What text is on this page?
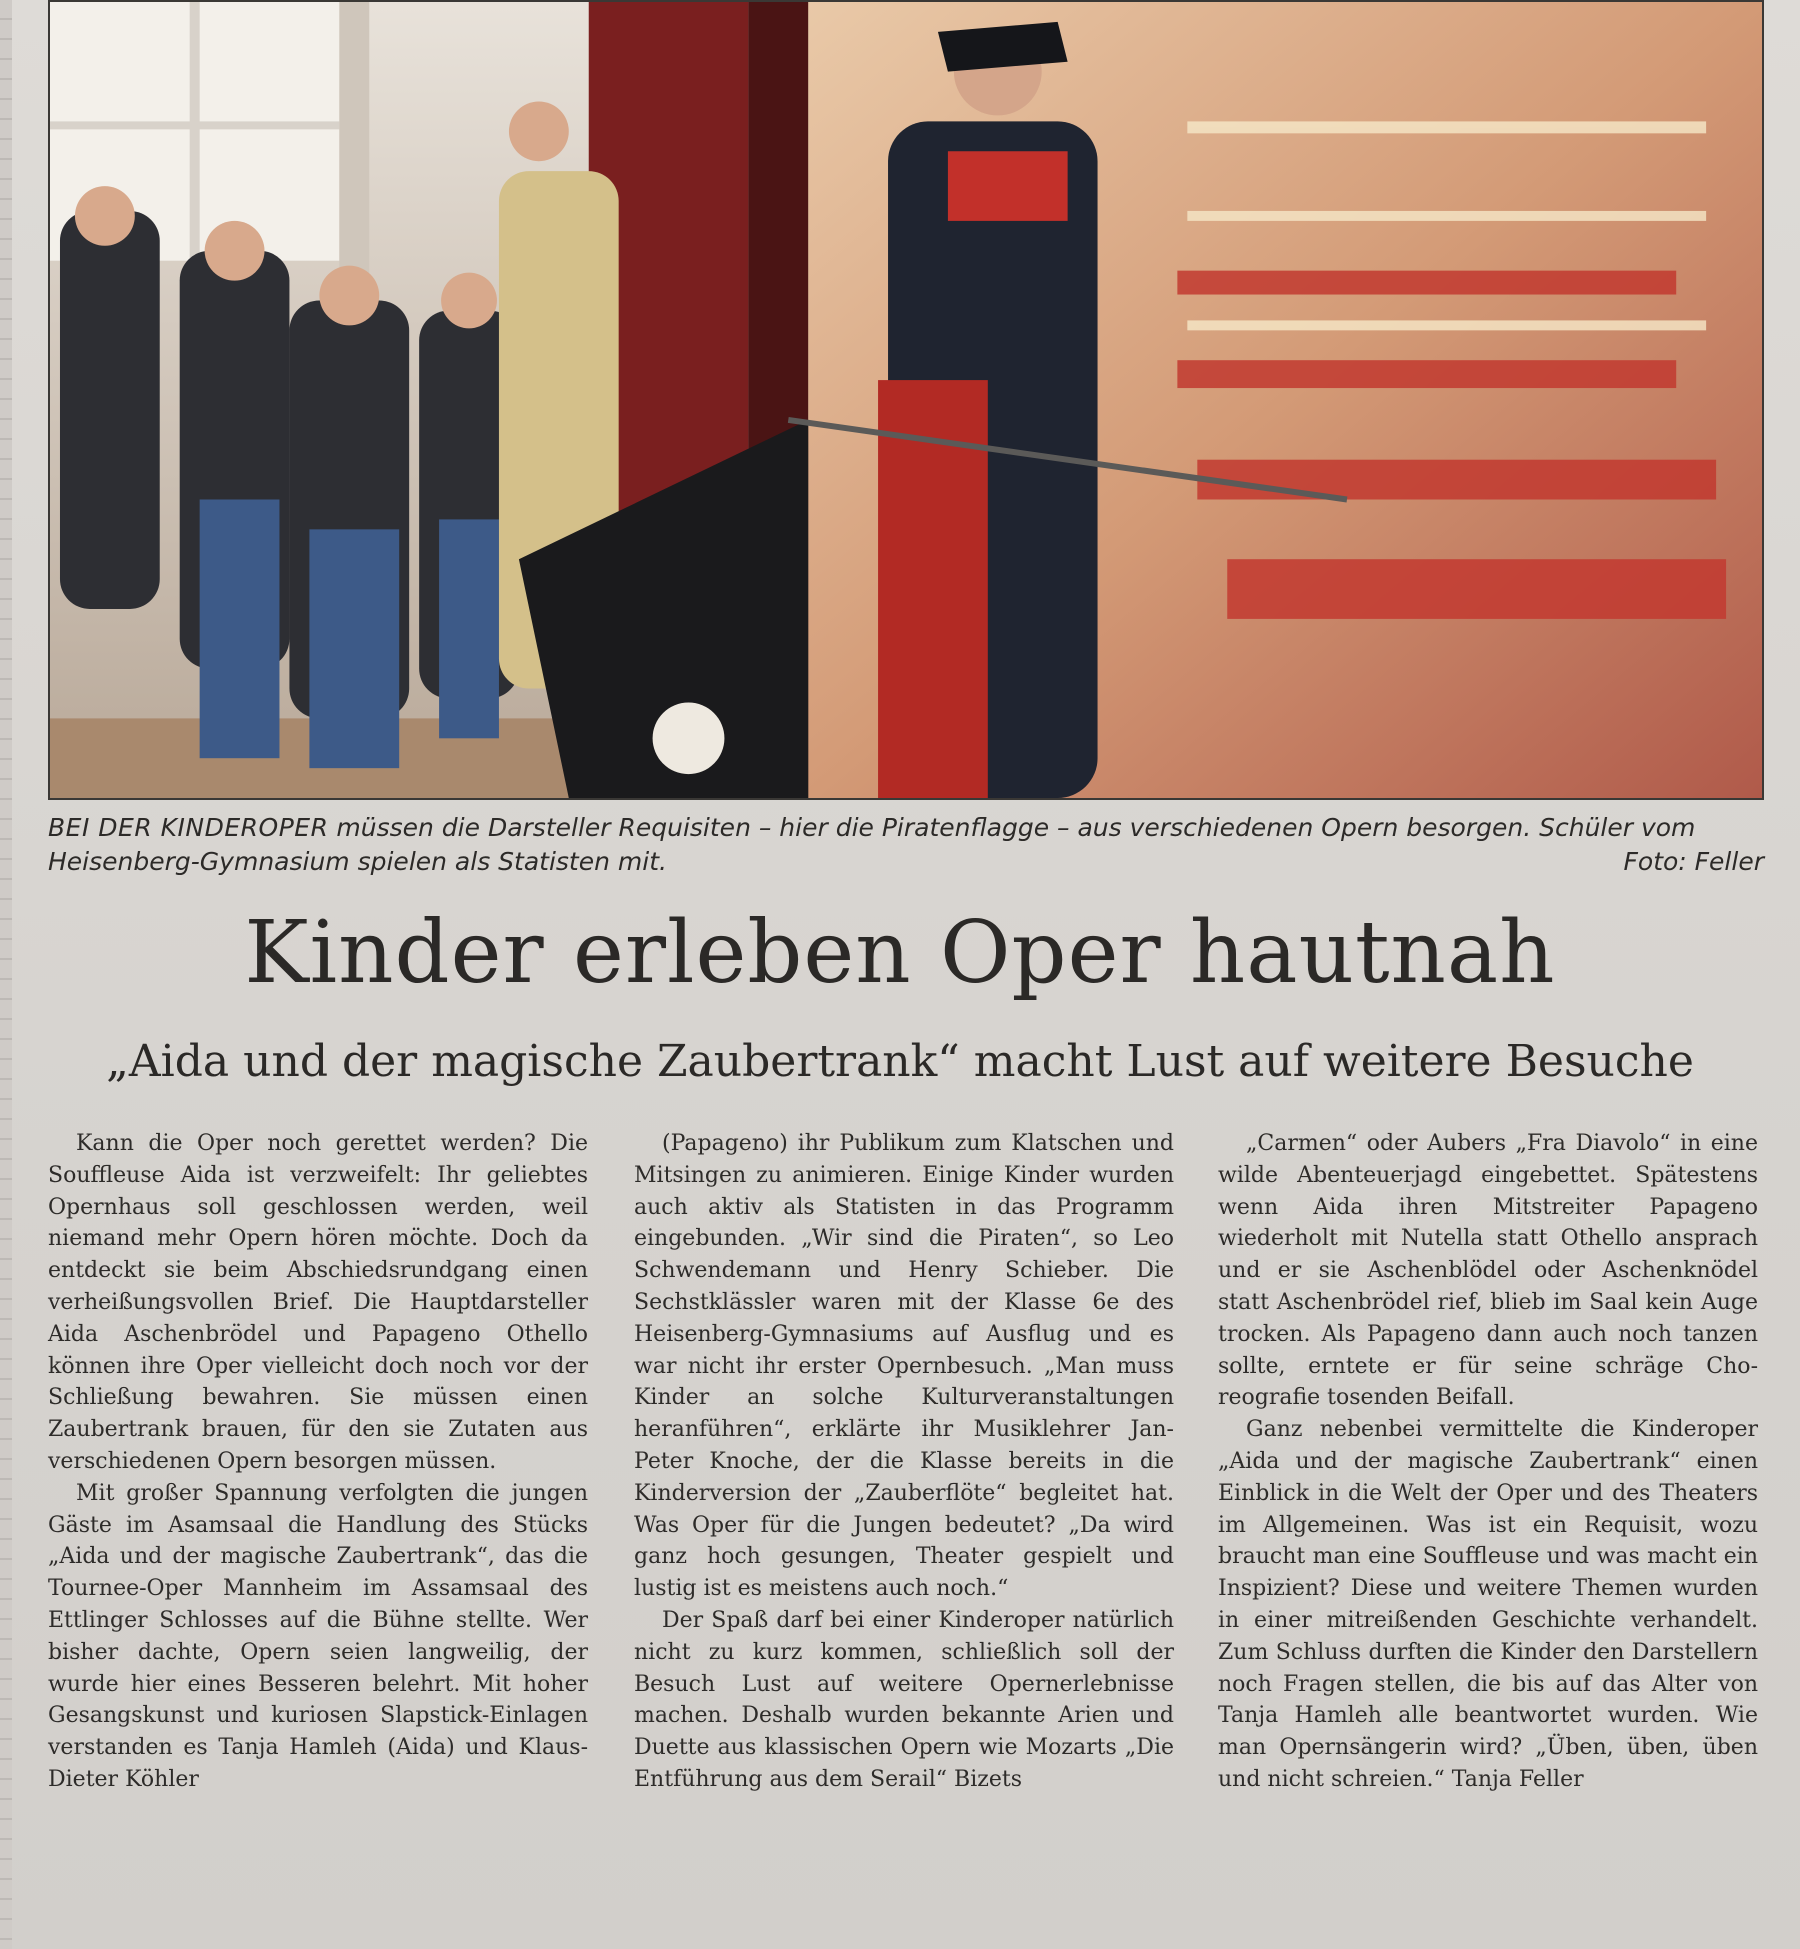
BEI DER KINDEROPER müssen die Darsteller Requisiten – hier die Piratenflagge – aus verschiedenen Opern besorgen. Schüler vom Heisenberg-Gymnasium spielen als Statisten mit.	Foto: Feller
Kinder erleben Oper hautnah
„Aida und der magische Zaubertrank“ macht Lust auf weitere Besuche

Kann die Oper noch gerettet werden? Die Souffleuse Aida ist verzweifelt: Ihr geliebtes Opernhaus soll geschlossen werden, weil niemand mehr Opern hören möchte. Doch da entdeckt sie beim Abschiedsrundgang einen verheißungsvollen Brief. Die Hauptdarsteller Aida Aschenbrödel und Papageno Othello können ihre Oper vielleicht doch noch vor der Schließung bewahren. Sie müssen einen Zaubertrank brauen, für den sie Zutaten aus verschiedenen Opern besorgen müssen.

Mit großer Spannung verfolgten die jungen Gäste im Asamsaal die Handlung des Stücks „Aida und der magische Zaubertrank“, das die Tournee-Oper Mannheim im Assamsaal des Ettlinger Schlosses auf die Bühne stellte. Wer bisher dachte, Opern seien langweilig, der wurde hier eines Besseren belehrt. Mit hoher Gesangskunst und kuriosen Slapstick-Einlagen verstanden es Tanja Hamleh (Aida) und Klaus-Dieter Köhler

(Papageno) ihr Publikum zum Klatschen und Mitsingen zu animieren. Einige Kinder wurden auch aktiv als Statisten in das Programm eingebunden. „Wir sind die Piraten“, so Leo Schwendemann und Henry Schieber. Die Sechstklässler waren mit der Klasse 6e des Heisenberg-Gymnasiums auf Ausflug und es war nicht ihr erster Opernbesuch. „Man muss Kinder an solche Kulturveranstaltungen heranführen“, erklärte ihr Musiklehrer Jan-Peter Knoche, der die Klasse bereits in die Kinderversion der „Zauberflöte“ begleitet hat. Was Oper für die Jungen bedeutet? „Da wird ganz hoch gesungen, Theater gespielt und lustig ist es meistens auch noch.“

Der Spaß darf bei einer Kinderoper natürlich nicht zu kurz kommen, schließlich soll der Besuch Lust auf weitere Opernerlebnisse machen. Deshalb wurden bekannte Arien und Duette aus klassischen Opern wie Mozarts „Die Entführung aus dem Serail“ Bizets

„Carmen“ oder Aubers „Fra Diavolo“ in eine wilde Abenteuerjagd eingebettet. Spätestens wenn Aida ihren Mitstreiter Papageno wiederholt mit Nutella statt Othello ansprach und er sie Aschenblödel oder Aschenknödel statt Aschenbrödel rief, blieb im Saal kein Auge trocken. Als Papageno dann auch noch tanzen sollte, erntete er für seine schräge Choreografie tosenden Beifall.

Ganz nebenbei vermittelte die Kinderoper „Aida und der magische Zaubertrank“ einen Einblick in die Welt der Oper und des Theaters im Allgemeinen. Was ist ein Requisit, wozu braucht man eine Souffleuse und was macht ein Inspizient? Diese und weitere Themen wurden in einer mitreißenden Geschichte verhandelt. Zum Schluss durften die Kinder den Darstellern noch Fragen stellen, die bis auf das Alter von Tanja Hamleh alle beantwortet wurden. Wie man Opernsängerin wird? „Üben, üben, üben und nicht schreien.“ Tanja Feller
